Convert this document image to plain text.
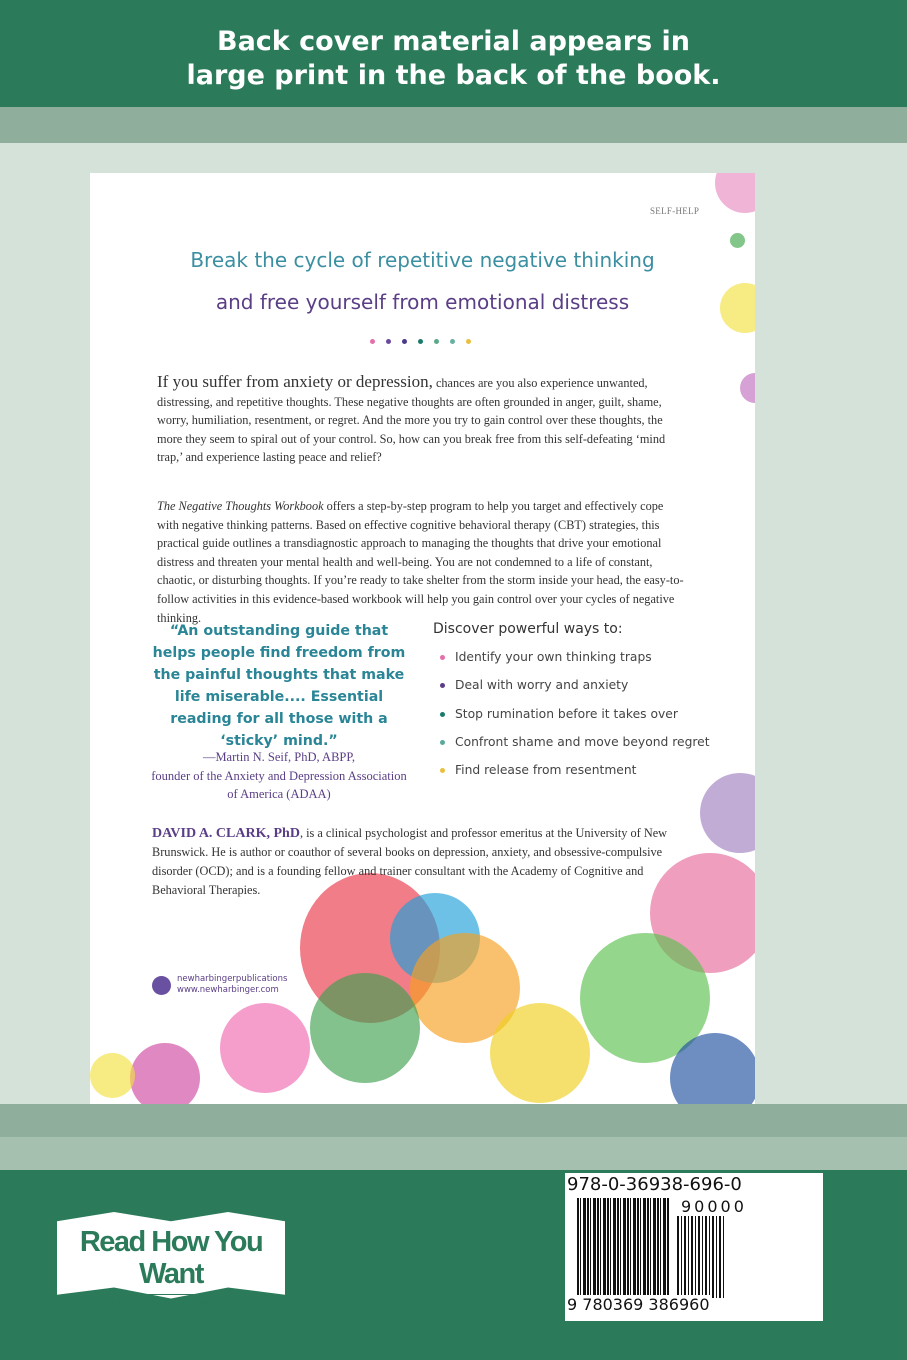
Back cover material appears in
large print in the back of the book.
SELF-HELP
Break the cycle of repetitive negative thinking
and free yourself from emotional distress

If you suffer from anxiety or depression, chances are you also experience unwanted, distressing, and repetitive thoughts. These negative thoughts are often grounded in anger, guilt, shame, worry, humiliation, resentment, or regret. And the more you try to gain control over these thoughts, the more they seem to spiral out of your control. So, how can you break free from this self-defeating ‘mind trap,’ and experience lasting peace and relief?

The Negative Thoughts Workbook offers a step-by-step program to help you target and effectively cope with negative thinking patterns. Based on effective cognitive behavioral therapy (CBT) strategies, this practical guide outlines a transdiagnostic approach to managing the thoughts that drive your emotional distress and threaten your mental health and well-being. You are not condemned to a life of constant, chaotic, or disturbing thoughts. If you’re ready to take shelter from the storm inside your head, the easy-to-follow activities in this evidence-based workbook will help you gain control over your cycles of negative thinking.

“An outstanding guide that helps people find freedom from the painful thoughts that make life miserable.... Essential reading for all those with a ‘sticky’ mind.”
—Martin N. Seif, PhD, ABPP,
founder of the Anxiety and Depression Association of America (ADAA)
Discover powerful ways to:
Identify your own thinking traps
Deal with worry and anxiety
Stop rumination before it takes over
Confront shame and move beyond regret
Find release from resentment

DAVID A. CLARK, PhD, is a clinical psychologist and professor emeritus at the University of New Brunswick. He is author or coauthor of several books on depression, anxiety, and obsessive-compulsive disorder (OCD); and is a founding fellow and trainer consultant with the Academy of Cognitive and Behavioral Therapies.

newharbingerpublications
www.newharbinger.com
Read How You Want
LARGE PRINT BOOKS, BRAILLE & DAISY
978-0-36938-696-0
90000
9 780369 386960
